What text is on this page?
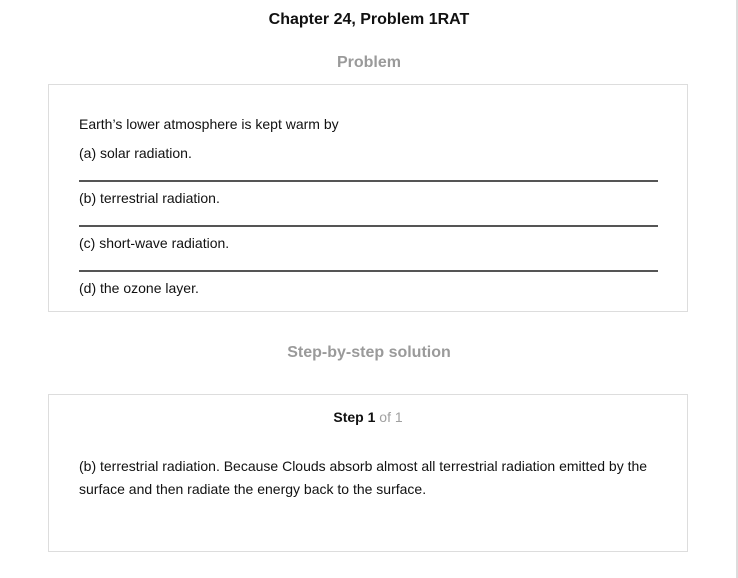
Chapter 24, Problem 1RAT
Problem
Earth’s lower atmosphere is kept warm by
(a) solar radiation.
(b) terrestrial radiation.
(c) short-wave radiation.
(d) the ozone layer.
Step-by-step solution
Step 1 of 1
(b) terrestrial radiation. Because Clouds absorb almost all terrestrial radiation emitted by the surface and then radiate the energy back to the surface.
